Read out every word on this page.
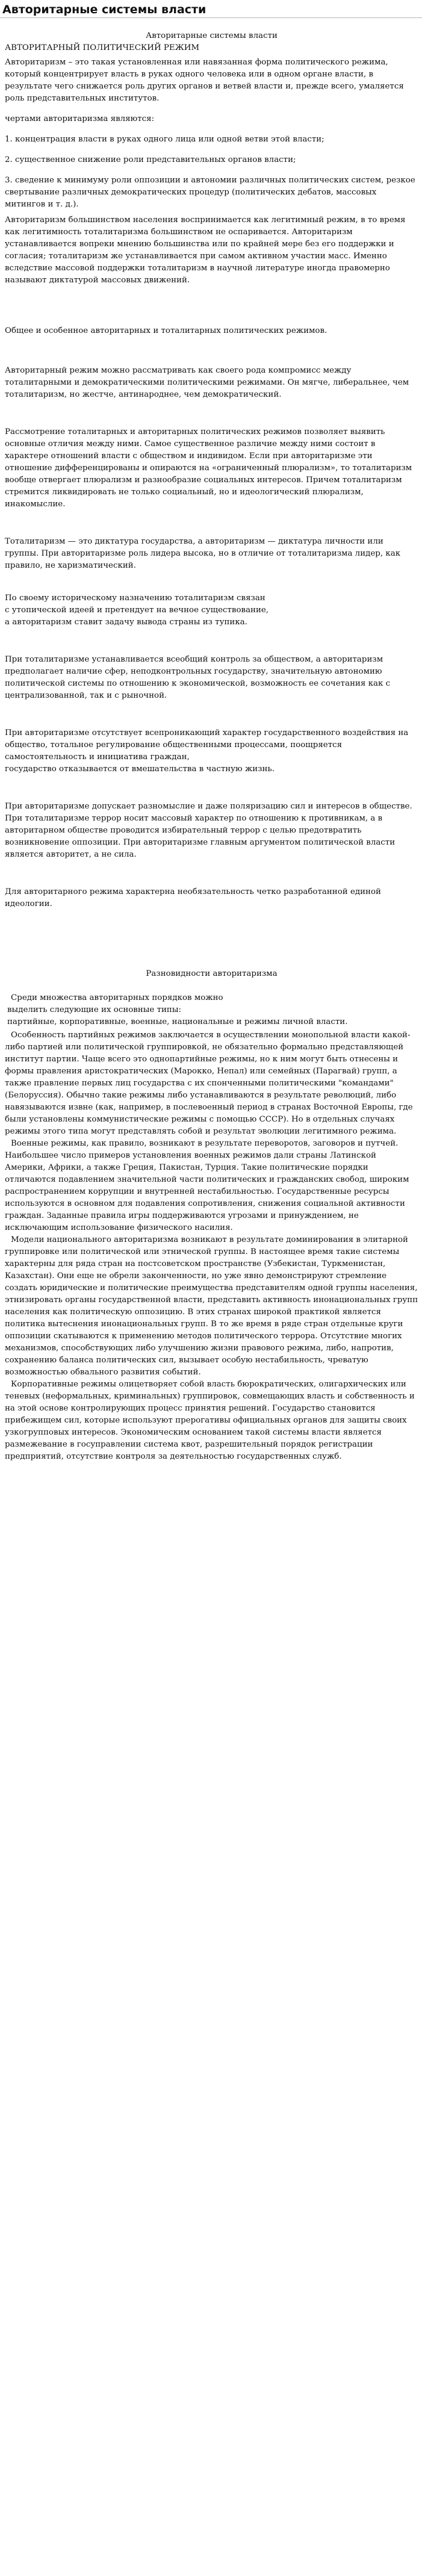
Авторитарные системы власти

Авторитарные системы власти

АВТОРИТАРНЫЙ ПОЛИТИЧЕСКИЙ РЕЖИМ

Авторитаризм – это такая установленная или навязанная форма политического режима, который концентрирует власть в руках одного человека или в одном органе власти, в результате чего снижается роль других органов и ветвей власти и, прежде всего, умаляется роль представительных институтов.

чертами авторитаризма являются:

1. концентрация власти в руках одного лица или одной ветви этой власти;

2. существенное снижение роли представительных органов власти;

3. сведение к минимуму роли оппозиции и автономии различных политических систем, резкое свертывание различных демократических процедур (политических дебатов, массовых митингов и т. д.).

Авторитаризм большинством населения воспринимается как легитимный режим, в то время как легитимность тоталитаризма большинством не оспаривается. Авторитаризм устанавливается вопреки мнению большинства или по крайней мере без его поддержки и согласия; тоталитаризм же устанавливается при самом активном участии масс. Именно вследствие массовой поддержки тоталитаризм в научной литературе иногда правомерно называют диктатурой массовых движений.

Общее и особенное авторитарных и тоталитарных политических режимов.

Авторитарный режим можно рассматривать как своего рода компромисс между тоталитарными и демократическими политическими режимами. Он мягче, либеральнее, чем тоталитаризм, но жестче, антинароднее, чем демократический.

Рассмотрение тоталитарных и авторитарных политических режимов позволяет выявить основные отличия между ними. Самое существенное различие между ними состоит в характере отношений власти с обществом и индивидом. Если при авторитаризме эти отношение дифференцированы и опираются на «ограниченный плюрализм», то тоталитаризм вообще отвергает плюрализм и разнообразие социальных интересов. Причем тоталитаризм стремится ликвидировать не только социальный, но и идеологический плюрализм, инакомыслие.

Тоталитаризм — это диктатура государства, а авторитаризм — диктатура личности или группы. При авторитаризме роль лидера высока, но в отличие от тоталитаризма лидер, как правило, не харизматический.

По своему историческому назначению тоталитаризм связан

с утопической идеей и претендует на вечное существование,

а авторитаризм ставит задачу вывода страны из тупика.

При тоталитаризме устанавливается всеобщий контроль за обществом, а авторитаризм предполагает наличие сфер, неподконтрольных государству, значительную автономию политической системы по отношению к экономической, возможность ее сочетания как с централизованной, так и с рыночной.

При авторитаризме отсутствует всепроникающий характер государственного воздействия на общество, тотальное регулирование общественными процессами, поощряется самостоятельность и инициатива граждан,

государство отказывается от вмешательства в частную жизнь.

При авторитаризме допускает разномыслие и даже поляризацию сил и интересов в обществе. При тоталитаризме террор носит массовый характер по отношению к противникам, а в авторитарном обществе проводится избирательный террор с целью предотвратить возникновение оппозиции. При авторитаризме главным аргументом политической власти является авторитет, а не сила.

Для авторитарного режима характерна необязательность четко разработанной единой идеологии.

Разновидности авторитаризма

Среди множества авторитарных порядков можно

выделить следующие их основные типы:

партийные, корпоративные, военные, национальные и режимы личной власти.

Особенность партийных режимов заключается в осуществлении монопольной власти какой-либо партией или политической группировкой, не обязательно формально представляющей институт партии. Чаще всего это однопартийные режимы, но к ним могут быть отнесены и формы правления аристократических (Марокко, Непал) или семейных (Парагвай) групп, а также правление первых лиц государства с их спонченными политическими "командами" (Белоруссия). Обычно такие режимы либо устанавливаются в результате революций, либо навязываются извне (как, например, в послевоенный период в странах Восточной Европы, где были установлены коммунистические режимы с помощью СССР). Но в отдельных случаях режимы этого типа могут представлять собой и результат эволюции легитимного режима.

Военные режимы, как правило, возникают в результате переворотов, заговоров и путчей. Наибольшее число примеров установления военных режимов дали страны Латинской Америки, Африки, а также Греция, Пакистан, Турция. Такие политические порядки отличаются подавлением значительной части политических и гражданских свобод, широким распространением коррупции и внутренней нестабильностью. Государственные ресурсы используются в основном для подавления сопротивления, снижения социальной активности граждан. Заданные правила игры поддерживаются угрозами и принуждением, не исключающим использование физического насилия.

Модели национального авторитаризма возникают в результате доминирования в элитарной группировке или политической или этнической группы. В настоящее время такие системы характерны для ряда стран на постсоветском пространстве (Узбекистан, Туркменистан, Казахстан). Они еще не обрели законченности, но уже явно демонстрируют стремление создать юридические и политические преимущества представителям одной группы населения, этнизировать органы государственной власти, представить активность инонациональных групп населения как политическую оппозицию. В этих странах широкой практикой является политика вытеснения инонациональных групп. В то же время в ряде стран отдельные круги оппозиции скатываются к применению методов политического террора. Отсутствие многих механизмов, способствующих либо улучшению жизни правового режима, либо, напротив, сохранению баланса политических сил, вызывает особую нестабильность, чреватую возможностью обвального развития событий.

Корпоративные режимы олицетворяет собой власть бюрократических, олигархических или теневых (неформальных, криминальных) группировок, совмещающих власть и собственность и на этой основе контролирующих процесс принятия решений. Государство становится прибежищем сил, которые используют прерогативы официальных органов для защиты своих узкогрупповых интересов. Экономическим основанием такой системы власти является размежевание в госуправлении система квот, разрешительный порядок регистрации предприятий, отсутствие контроля за деятельностью государственных служб.
